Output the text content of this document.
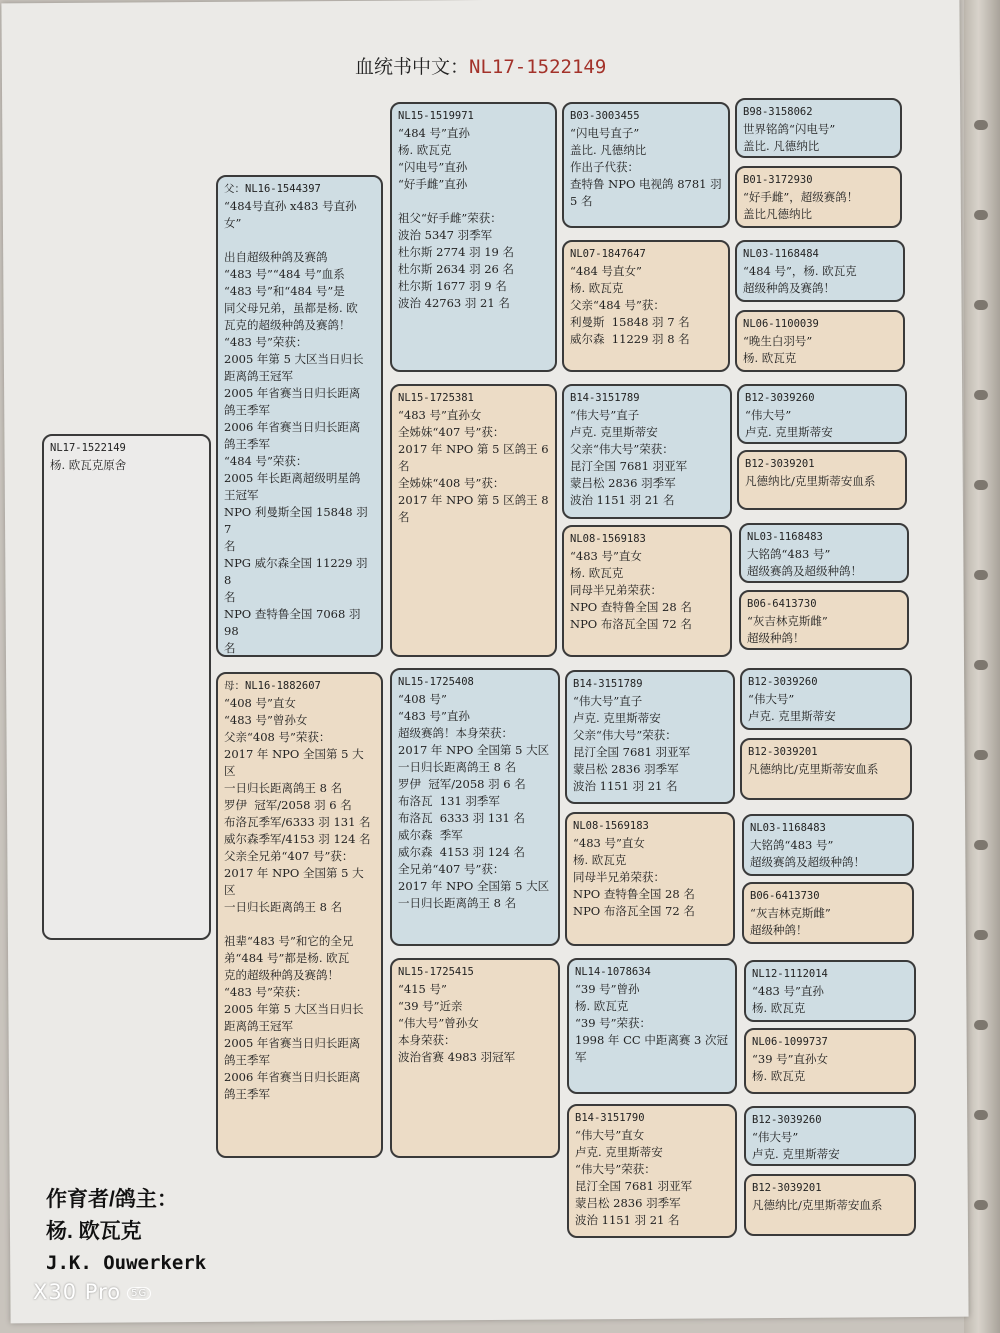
血统书中文：NL17-1522149
NL17-1522149
杨. 欧瓦克原舍
父：NL16-1544397
“484号直孙 x483 号直孙
女”

出自超级种鸽及赛鸽
“483 号”“484 号”血系
“483 号”和“484 号”是
同父母兄弟，虽都是杨. 欧
瓦克的超级种鸽及赛鸽！
“483 号”荣获：
2005 年第 5 大区当日归长
距离鸽王冠军
2005 年省赛当日归长距离
鸽王季军
2006 年省赛当日归长距离
鸽王季军
“484 号”荣获：
2005 年长距离超级明星鸽
王冠军
NPO 利曼斯全国 15848 羽 7
名
NPG 威尔森全国 11229 羽 8
名
NPO 查特鲁全国 7068 羽 98
名
母：NL16-1882607
“408 号”直女
“483 号”曾孙女
父亲“408 号”荣获：
2017 年 NPO 全国第 5 大区
一日归长距离鸽王 8 名
罗伊  冠军/2058 羽 6 名
布洛瓦季军/6333 羽 131 名
威尔森季军/4153 羽 124 名
父亲全兄弟“407 号”获：
2017 年 NPO 全国第 5 大区
一日归长距离鸽王 8 名

祖辈“483 号”和它的全兄
弟“484 号”都是杨. 欧瓦
克的超级种鸽及赛鸽！
“483 号”荣获：
2005 年第 5 大区当日归长
距离鸽王冠军
2005 年省赛当日归长距离
鸽王季军
2006 年省赛当日归长距离
鸽王季军
NL15-1519971
“484 号”直孙
杨. 欧瓦克
“闪电号”直孙
“好手雌”直孙

祖父“好手雌”荣获：
波治 5347 羽季军
杜尔斯 2774 羽 19 名
杜尔斯 2634 羽 26 名
杜尔斯 1677 羽 9 名
波治 42763 羽 21 名
NL15-1725381
“483 号”直孙女
全姊妹“407 号”获：
2017 年 NPO 第 5 区鸽王 6
名
全姊妹“408 号”获：
2017 年 NPO 第 5 区鸽王 8
名
NL15-1725408
“408 号”
“483 号”直孙
超级赛鸽！本身荣获：
2017 年 NPO 全国第 5 大区
一日归长距离鸽王 8 名
罗伊  冠军/2058 羽 6 名
布洛瓦  131 羽季军
布洛瓦  6333 羽 131 名
威尔森  季军
威尔森  4153 羽 124 名
全兄弟“407 号”获：
2017 年 NPO 全国第 5 大区
一日归长距离鸽王 8 名
NL15-1725415
“415 号”
“39 号”近亲
“伟大号”曾孙女
本身荣获：
波治省赛 4983 羽冠军
B03-3003455
“闪电号直子”
盖比. 凡德纳比
作出子代获：
查特鲁 NPO 电视鸽 8781 羽
5 名
NL07-1847647
“484 号直女”
杨. 欧瓦克
父亲“484 号”获：
利曼斯  15848 羽 7 名
威尔森  11229 羽 8 名
B14-3151789
“伟大号”直子
卢克. 克里斯蒂安
父亲“伟大号”荣获：
昆汀全国 7681 羽亚军
蒙吕松 2836 羽季军
波治 1151 羽 21 名
NL08-1569183
“483 号”直女
杨. 欧瓦克
同母半兄弟荣获：
NPO 查特鲁全国 28 名
NPO 布洛瓦全国 72 名
B14-3151789
“伟大号”直子
卢克. 克里斯蒂安
父亲“伟大号”荣获：
昆汀全国 7681 羽亚军
蒙吕松 2836 羽季军
波治 1151 羽 21 名
NL08-1569183
“483 号”直女
杨. 欧瓦克
同母半兄弟荣获：
NPO 查特鲁全国 28 名
NPO 布洛瓦全国 72 名
NL14-1078634
“39 号”曾孙
杨. 欧瓦克
“39 号”荣获：
1998 年 CC 中距离赛 3 次冠
军
B14-3151790
“伟大号”直女
卢克. 克里斯蒂安
“伟大号”荣获：
昆汀全国 7681 羽亚军
蒙吕松 2836 羽季军
波治 1151 羽 21 名
B98-3158062
世界铭鸽“闪电号”
盖比. 凡德纳比
B01-3172930
“好手雌”，超级赛鸽！
盖比凡德纳比
NL03-1168484
“484 号”，杨. 欧瓦克
超级种鸽及赛鸽！
NL06-1100039
“晚生白羽号”
杨. 欧瓦克
B12-3039260
“伟大号”
卢克. 克里斯蒂安
B12-3039201
凡德纳比/克里斯蒂安血系
NL03-1168483
大铭鸽“483 号”
超级赛鸽及超级种鸽！
B06-6413730
“灰吉林克斯雌”
超级种鸽！
B12-3039260
“伟大号”
卢克. 克里斯蒂安
B12-3039201
凡德纳比/克里斯蒂安血系
NL03-1168483
大铭鸽“483 号”
超级赛鸽及超级种鸽！
B06-6413730
“灰吉林克斯雌”
超级种鸽！
NL12-1112014
“483 号”直孙
杨. 欧瓦克
NL06-1099737
“39 号”直孙女
杨. 欧瓦克
B12-3039260
“伟大号”
卢克. 克里斯蒂安
B12-3039201
凡德纳比/克里斯蒂安血系
作育者/鸽主：
杨. 欧瓦克
J.K. Ouwerkerk
X30 Pro 5G
